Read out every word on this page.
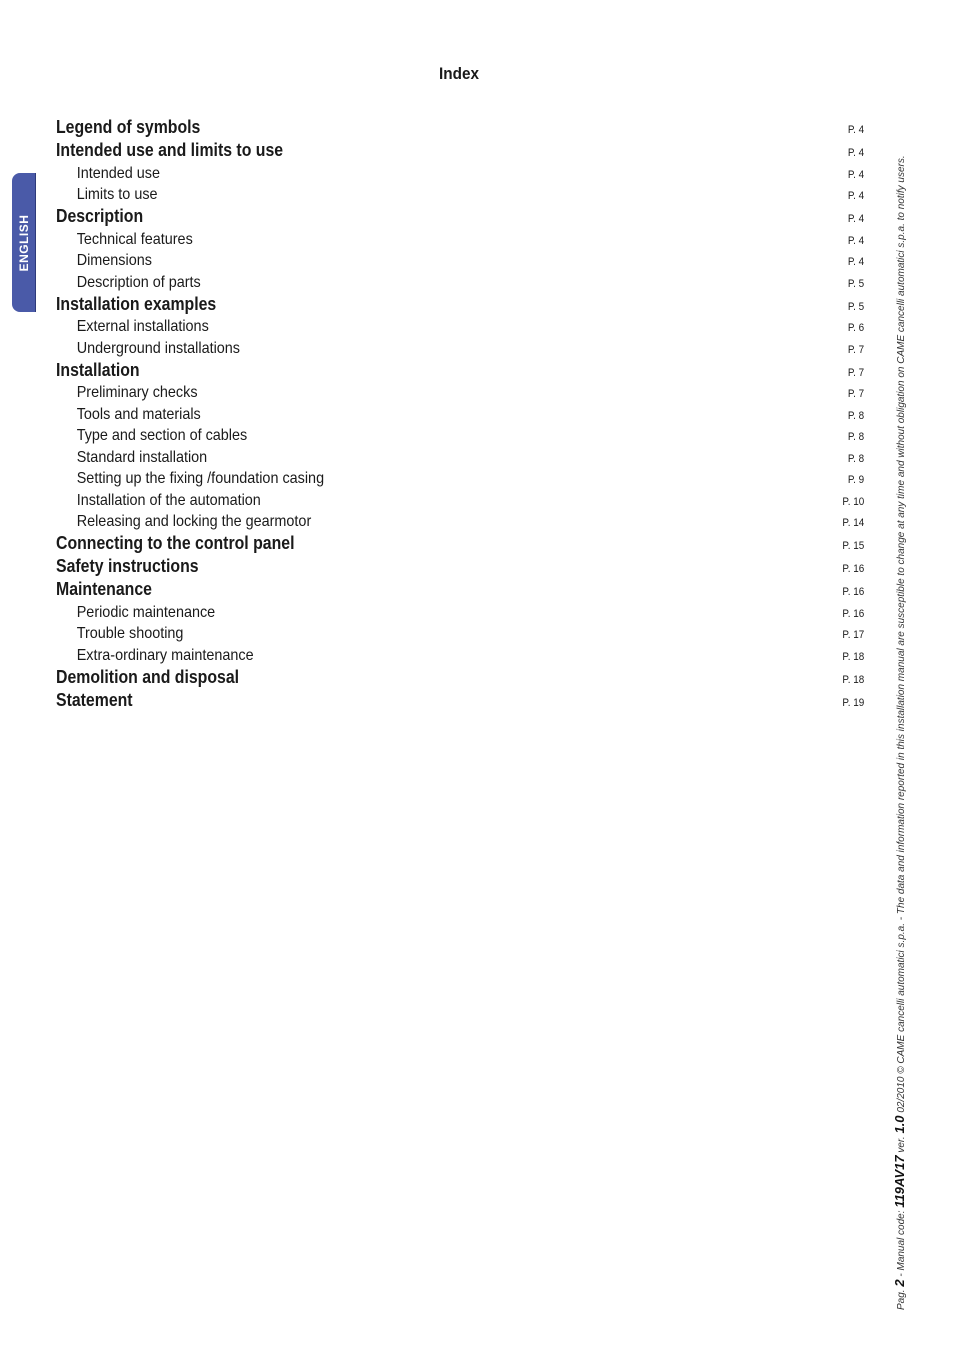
Index
ENGLISH
Legend of symbols	P. 4
Intended use and limits to use	P. 4
Intended use	P. 4
Limits to use	P. 4
Description	P. 4
Technical features	P. 4
Dimensions	P. 4
Description of parts	P. 5
Installation examples	P. 5
External installations	P. 6
Underground installations	P. 7
Installation	P. 7
Preliminary checks	P. 7
Tools and materials	P. 8
Type and section of cables	P. 8
Standard installation	P. 8
Setting up the fixing /foundation casing	P. 9
Installation of the automation	P. 10
Releasing and locking the gearmotor	P. 14
Connecting to the control panel	P. 15
Safety instructions	P. 16
Maintenance	P. 16
Periodic maintenance	P. 16
Trouble shooting	P. 17
Extra-ordinary maintenance	P. 18
Demolition and disposal	P. 18
Statement	P. 19
Pag. 2 - Manual code: 119AV17 ver. 1.0 02/2010 © CAME cancelli automatici s.p.a. - The data and information reported in this installation manual are susceptible to change at any time and without obligation on CAME cancelli automatici s.p.a. to notify users.
